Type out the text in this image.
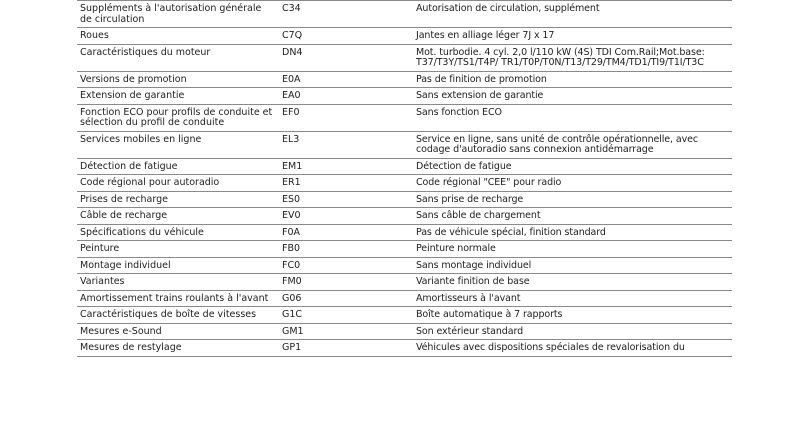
Suppléments à l'autorisation générale de circulation	C34	Autorisation de circulation, supplément
Roues	C7Q	Jantes en alliage léger 7J x 17
Caractéristiques du moteur	DN4	Mot. turbodie. 4 cyl. 2,0 l/110 kW (4S) TDI Com.Rail;Mot.base: T37/T3Y/TS1/T4P/ TR1/T0P/T0N/T13/T29/TM4/TD1/TI9/T1I/T3C
Versions de promotion	E0A	Pas de finition de promotion
Extension de garantie	EA0	Sans extension de garantie
Fonction ECO pour profils de conduite et sélection du profil de conduite	EF0	Sans fonction ECO
Services mobiles en ligne	EL3	Service en ligne, sans unité de contrôle opérationnelle, avec codage d'autoradio sans connexion antidémarrage
Détection de fatigue	EM1	Détection de fatigue
Code régional pour autoradio	ER1	Code régional "CEE" pour radio
Prises de recharge	ES0	Sans prise de recharge
Câble de recharge	EV0	Sans câble de chargement
Spécifications du véhicule	F0A	Pas de véhicule spécial, finition standard
Peinture	FB0	Peinture normale
Montage individuel	FC0	Sans montage individuel
Variantes	FM0	Variante finition de base
Amortissement trains roulants à l'avant	G06	Amortisseurs à l'avant
Caractéristiques de boîte de vitesses	G1C	Boîte automatique à 7 rapports
Mesures e-Sound	GM1	Son extérieur standard
Mesures de restylage	GP1	Véhicules avec dispositions spéciales de revalorisation du
